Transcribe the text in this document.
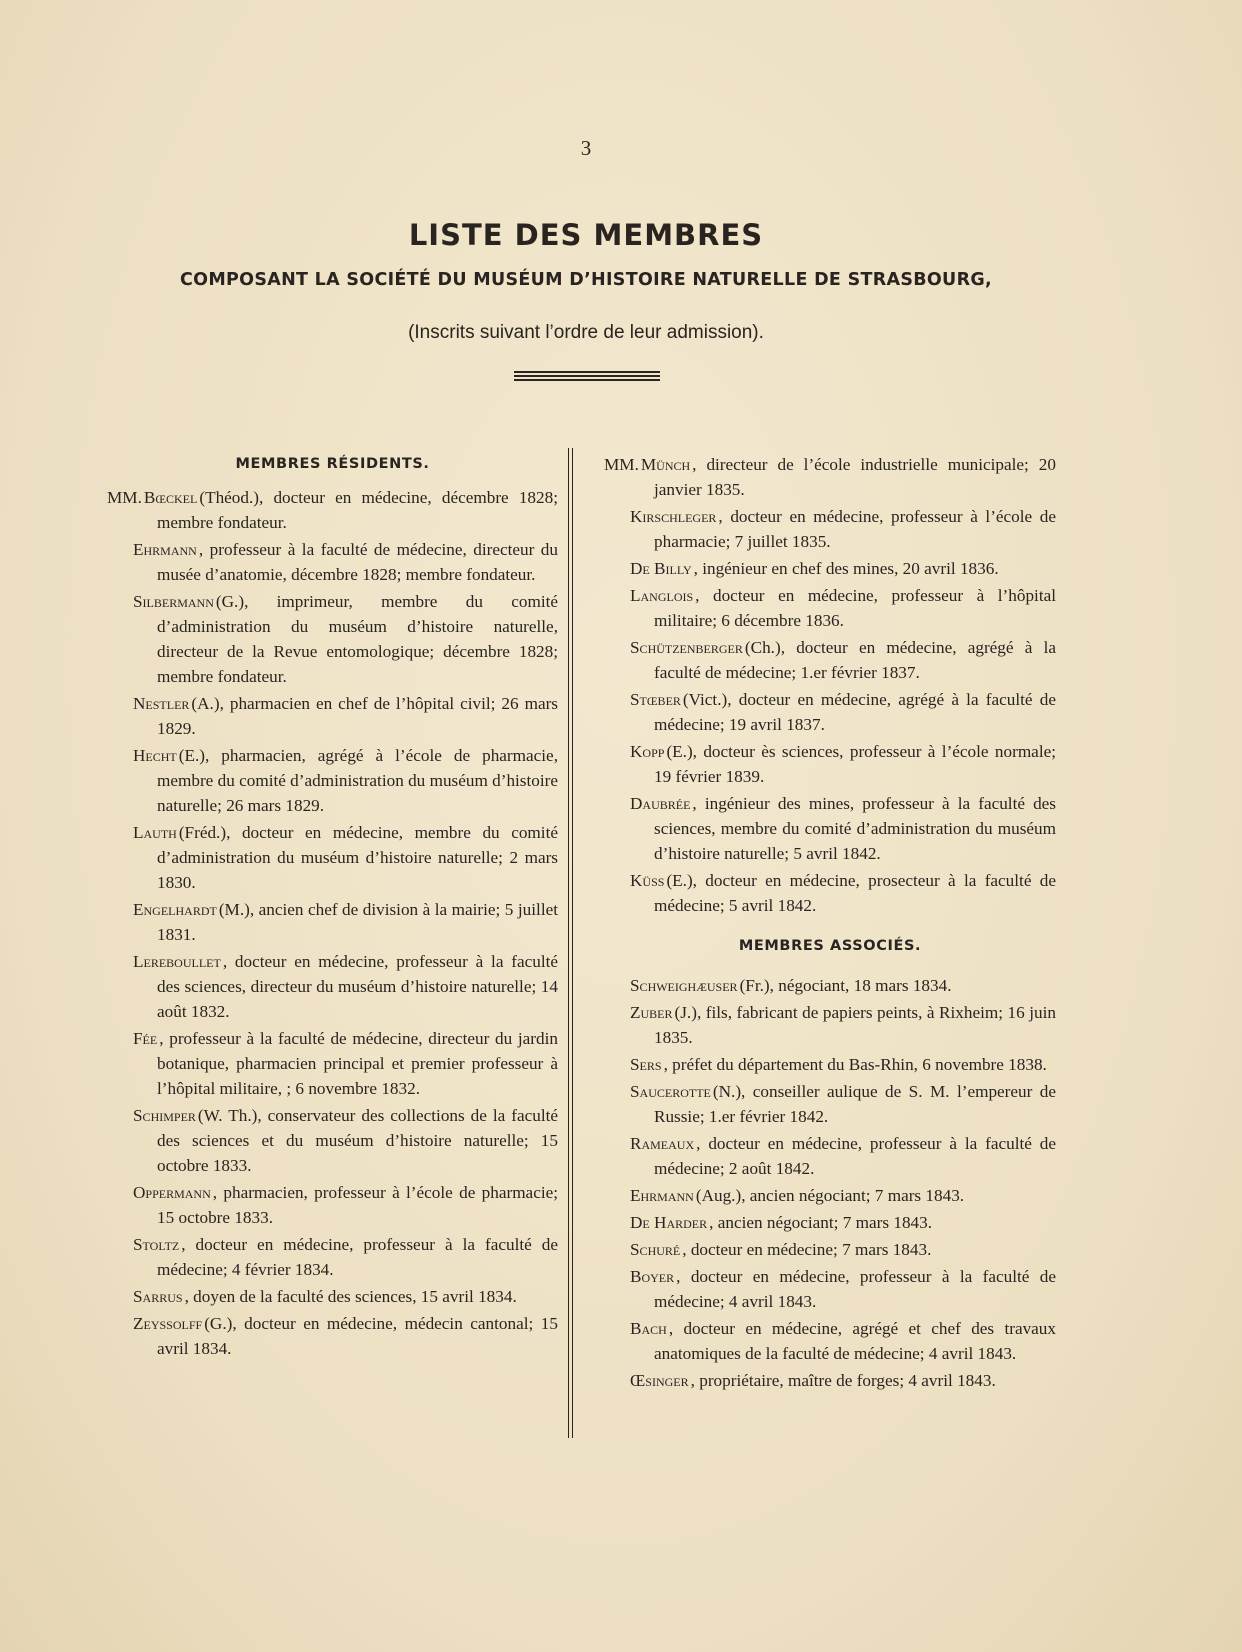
3
LISTE DES MEMBRES
COMPOSANT LA SOCIÉTÉ DU MUSÉUM D’HISTOIRE NATURELLE DE STRASBOURG,
(Inscrits suivant l’ordre de leur admission).
MEMBRES RÉSIDENTS.

MM. Bœckel (Théod.), docteur en médecine, décembre 1828; membre fondateur.

Ehrmann , professeur à la faculté de médecine, directeur du musée d’anatomie, décembre 1828; membre fondateur.

Silbermann (G.), imprimeur, membre du comité d’administration du muséum d’histoire naturelle, directeur de la Revue entomologique; décembre 1828; membre fondateur.

Nestler (A.), pharmacien en chef de l’hôpital civil; 26 mars 1829.

Hecht (E.), pharmacien, agrégé à l’école de pharmacie, membre du comité d’administration du muséum d’histoire naturelle; 26 mars 1829.

Lauth (Fréd.), docteur en médecine, membre du comité d’administration du muséum d’histoire naturelle; 2 mars 1830.

Engelhardt (M.), ancien chef de division à la mairie; 5 juillet 1831.

Lereboullet , docteur en médecine, professeur à la faculté des sciences, directeur du muséum d’histoire naturelle; 14 août 1832.

Fée , professeur à la faculté de médecine, directeur du jardin botanique, pharmacien principal et premier professeur à l’hôpital militaire, ; 6 novembre 1832.

Schimper (W. Th.), conservateur des collections de la faculté des sciences et du muséum d’histoire naturelle; 15 octobre 1833.

Oppermann , pharmacien, professeur à l’école de pharmacie; 15 octobre 1833.

Stoltz , docteur en médecine, professeur à la faculté de médecine; 4 février 1834.

Sarrus , doyen de la faculté des sciences, 15 avril 1834.

Zeyssolff (G.), docteur en médecine, médecin cantonal; 15 avril 1834.

MM. Münch , directeur de l’école industrielle municipale; 20 janvier 1835.

Kirschleger , docteur en médecine, professeur à l’école de pharmacie; 7 juillet 1835.

De Billy , ingénieur en chef des mines, 20 avril 1836.

Langlois , docteur en médecine, professeur à l’hôpital militaire; 6 décembre 1836.

Schützenberger (Ch.), docteur en médecine, agrégé à la faculté de médecine; 1.er février 1837.

Stœber (Vict.), docteur en médecine, agrégé à la faculté de médecine; 19 avril 1837.

Kopp (E.), docteur ès sciences, professeur à l’école normale; 19 février 1839.

Daubrée , ingénieur des mines, professeur à la faculté des sciences, membre du comité d’administration du muséum d’histoire naturelle; 5 avril 1842.

Küss (E.), docteur en médecine, prosecteur à la faculté de médecine; 5 avril 1842.

MEMBRES ASSOCIÉS.

Schweighæuser (Fr.), négociant, 18 mars 1834.

Zuber (J.), fils, fabricant de papiers peints, à Rixheim; 16 juin 1835.

Sers , préfet du département du Bas-Rhin, 6 novembre 1838.

Saucerotte (N.), conseiller aulique de S. M. l’empereur de Russie; 1.er février 1842.

Rameaux , docteur en médecine, professeur à la faculté de médecine; 2 août 1842.

Ehrmann (Aug.), ancien négociant; 7 mars 1843.

De Harder , ancien négociant; 7 mars 1843.

Schuré , docteur en médecine; 7 mars 1843.

Boyer , docteur en médecine, professeur à la faculté de médecine; 4 avril 1843.

Bach , docteur en médecine, agrégé et chef des travaux anatomiques de la faculté de médecine; 4 avril 1843.

Œsinger , propriétaire, maître de forges; 4 avril 1843.
